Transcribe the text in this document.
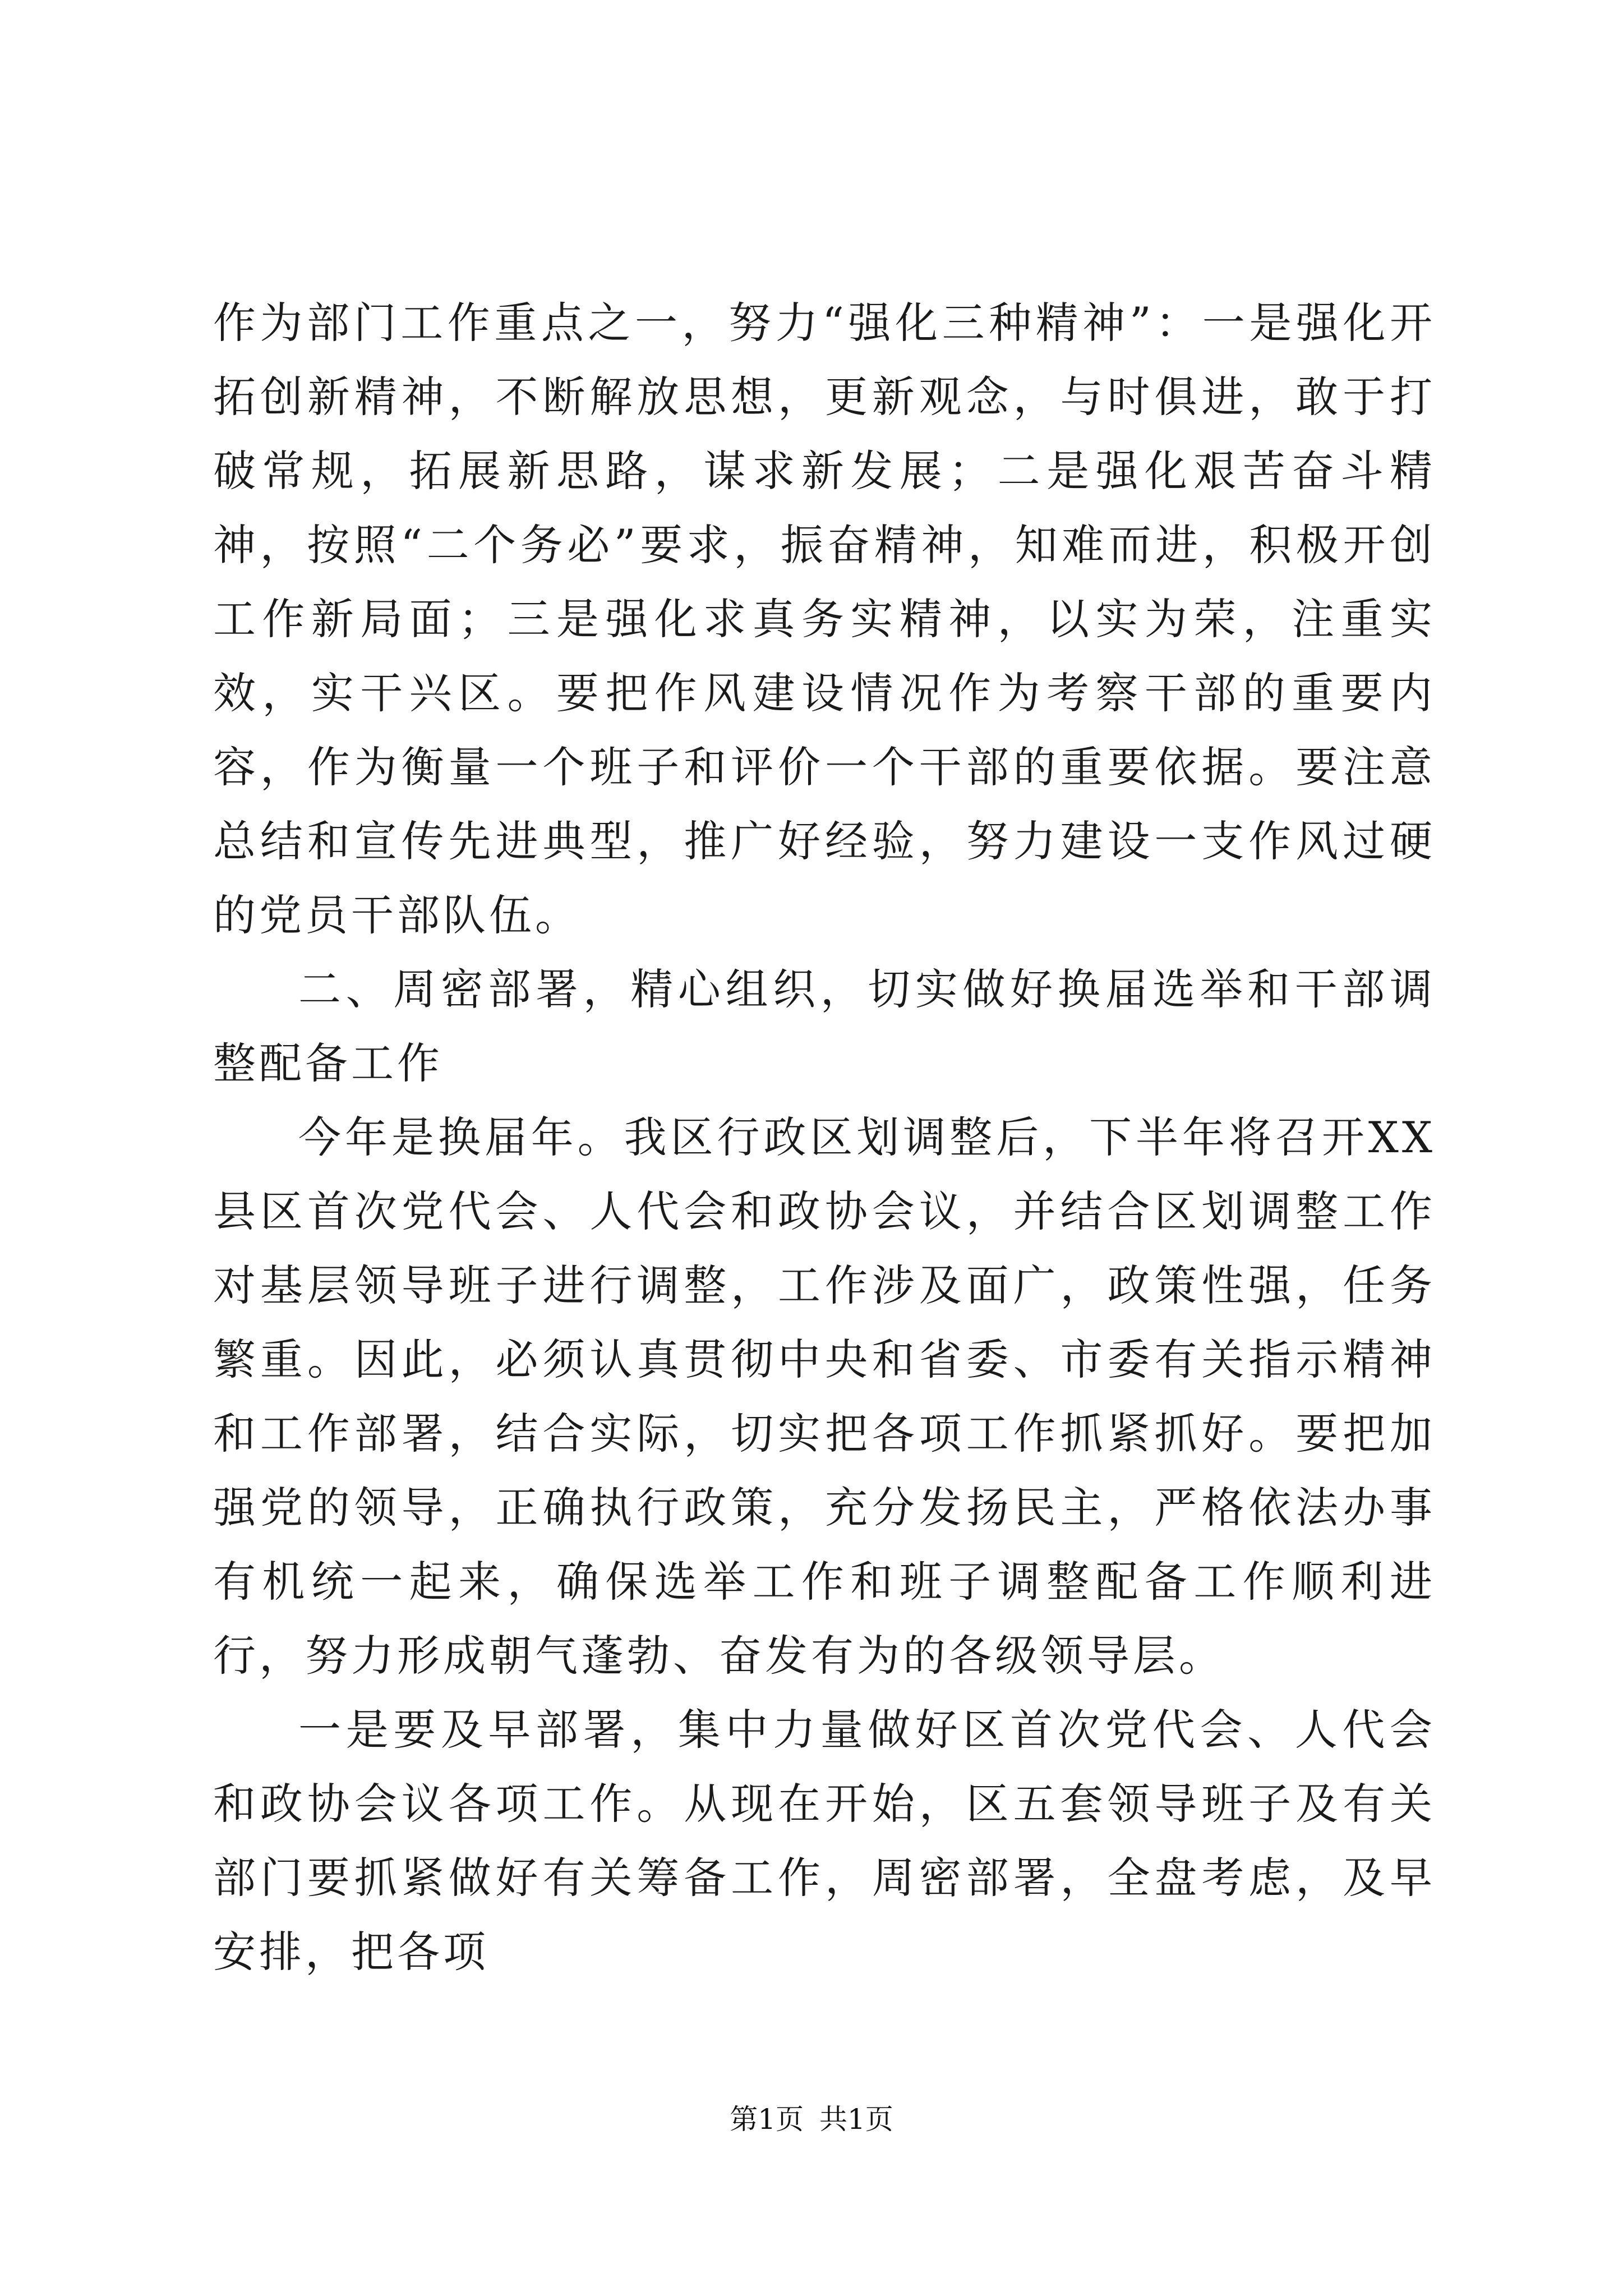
作为部门工作重点之一，努力“强化三种精神”：一是强化开拓创新精神，不断解放思想，更新观念，与时俱进，敢于打破常规，拓展新思路，谋求新发展；二是强化艰苦奋斗精神，按照“二个务必”要求，振奋精神，知难而进，积极开创工作新局面；三是强化求真务实精神，以实为荣，注重实效，实干兴区。要把作风建设情况作为考察干部的重要内容，作为衡量一个班子和评价一个干部的重要依据。要注意总结和宣传先进典型，推广好经验，努力建设一支作风过硬的党员干部队伍。

二、周密部署，精心组织，切实做好换届选举和干部调整配备工作

今年是换届年。我区行政区划调整后，下半年将召开XX县区首次党代会、人代会和政协会议，并结合区划调整工作对基层领导班子进行调整，工作涉及面广，政策性强，任务繁重。因此，必须认真贯彻中央和省委、市委有关指示精神和工作部署，结合实际，切实把各项工作抓紧抓好。要把加强党的领导，正确执行政策，充分发扬民主，严格依法办事有机统一起来，确保选举工作和班子调整配备工作顺利进行，努力形成朝气蓬勃、奋发有为的各级领导层。

一是要及早部署，集中力量做好区首次党代会、人代会和政协会议各项工作。从现在开始，区五套领导班子及有关部门要抓紧做好有关筹备工作，周密部署，全盘考虑，及早安排，把各项

第1页 共1页
